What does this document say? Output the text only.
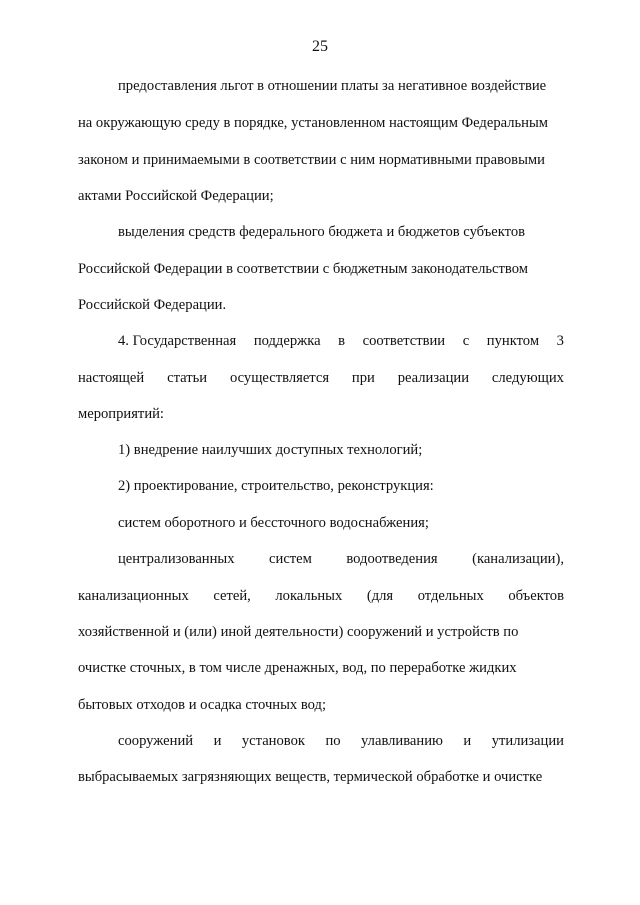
25
предоставления льгот в отношении платы за негативное воздействие
на окружающую среду в порядке, установленном настоящим Федеральным
законом и принимаемыми в соответствии с ним нормативными правовыми
актами Российской Федерации;
выделения средств федерального бюджета и бюджетов субъектов
Российской Федерации в соответствии с бюджетным законодательством
Российской Федерации.
4. Государственная поддержка в соответствии с пунктом 3
настоящей статьи осуществляется при реализации следующих
мероприятий:
1) внедрение наилучших доступных технологий;
2) проектирование, строительство, реконструкция:
систем оборотного и бессточного водоснабжения;
централизованных систем водоотведения (канализации),
канализационных сетей, локальных (для отдельных объектов
хозяйственной и (или) иной деятельности) сооружений и устройств по
очистке сточных, в том числе дренажных, вод, по переработке жидких
бытовых отходов и осадка сточных вод;
сооружений и установок по улавливанию и утилизации
выбрасываемых загрязняющих веществ, термической обработке и очистке
